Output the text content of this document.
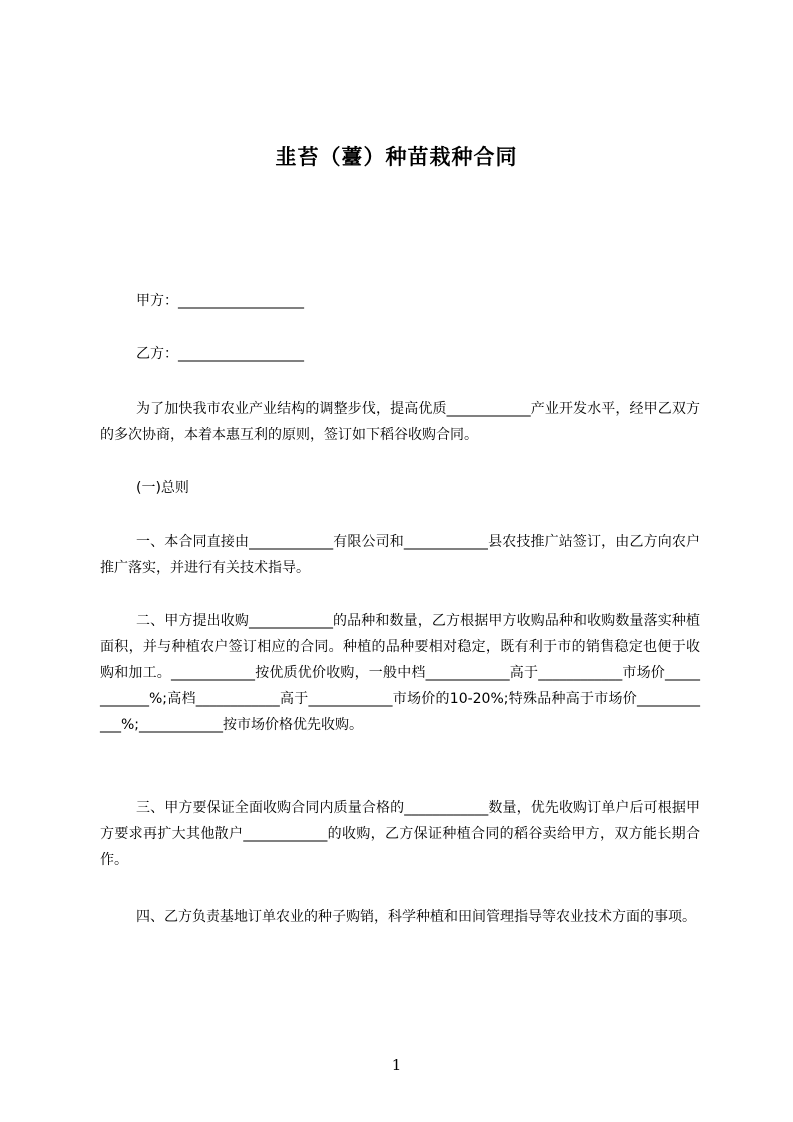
韭苔（薹）种苗栽种合同
甲方：__________________
乙方：__________________

为了加快我市农业产业结构的调整步伐，提高优质____________产业开发水平，经甲乙双方的多次协商，本着本惠互利的原则，签订如下稻谷收购合同。

(一)总则

一、本合同直接由____________有限公司和____________县农技推广站签订，由乙方向农户推广落实，并进行有关技术指导。

二、甲方提出收购____________的品种和数量，乙方根据甲方收购品种和收购数量落实种植面积，并与种植农户签订相应的合同。种植的品种要相对稳定，既有利于市的销售稳定也便于收购和加工。____________按优质优价收购，一般中档____________高于____________市场价____________%;高档____________高于____________市场价的10-20%;特殊品种高于市场价____________%;____________按市场价格优先收购。

三、甲方要保证全面收购合同内质量合格的____________数量，优先收购订单户后可根据甲方要求再扩大其他散户____________的收购，乙方保证种植合同的稻谷卖给甲方，双方能长期合作。

四、乙方负责基地订单农业的种子购销，科学种植和田间管理指导等农业技术方面的事项。

1
